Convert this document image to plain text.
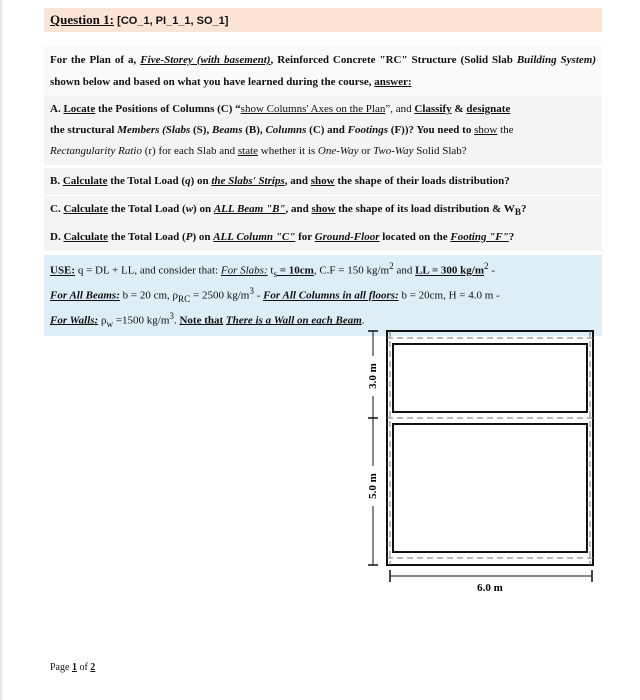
Question 1: [CO_1, PI_1_1, SO_1]
For the Plan of a, Five-Storey (with basement), Reinforced Concrete "RC" Structure (Solid Slab Building System) shown below and based on what you have learned during the course, answer:
A. Locate the Positions of Columns (C) “show Columns' Axes on the Plan”, and Classify & designate
the structural Members (Slabs (S), Beams (B), Columns (C) and Footings (F))? You need to show the
Rectangularity Ratio (r) for each Slab and state whether it is One-Way or Two-Way Solid Slab?
B. Calculate the Total Load (q) on the Slabs' Strips, and show the shape of their loads distribution?
C. Calculate the Total Load (w) on ALL Beam "B", and show the shape of its load distribution & $W_B$?
D. Calculate the Total Load (P) on ALL Column "C" for Ground-Floor located on the Footing "F"?
USE: q = DL + LL, and consider that: For Slabs: $t_s = 10cm$, C.F = 150 $kg/m^2$ and LL = 300 $kg/m^2$ -
For All Beams: b = 20 cm, $\rho_{RC} = 2500$ $kg/m^3$ - For All Columns in all floors: b = 20cm, H = 4.0 m -
For Walls: $\rho_w =1500$ $kg/m^3$. Note that There is a Wall on each Beam.
3.0 m
5.0 m
6.0 m
Page 1 of 2
